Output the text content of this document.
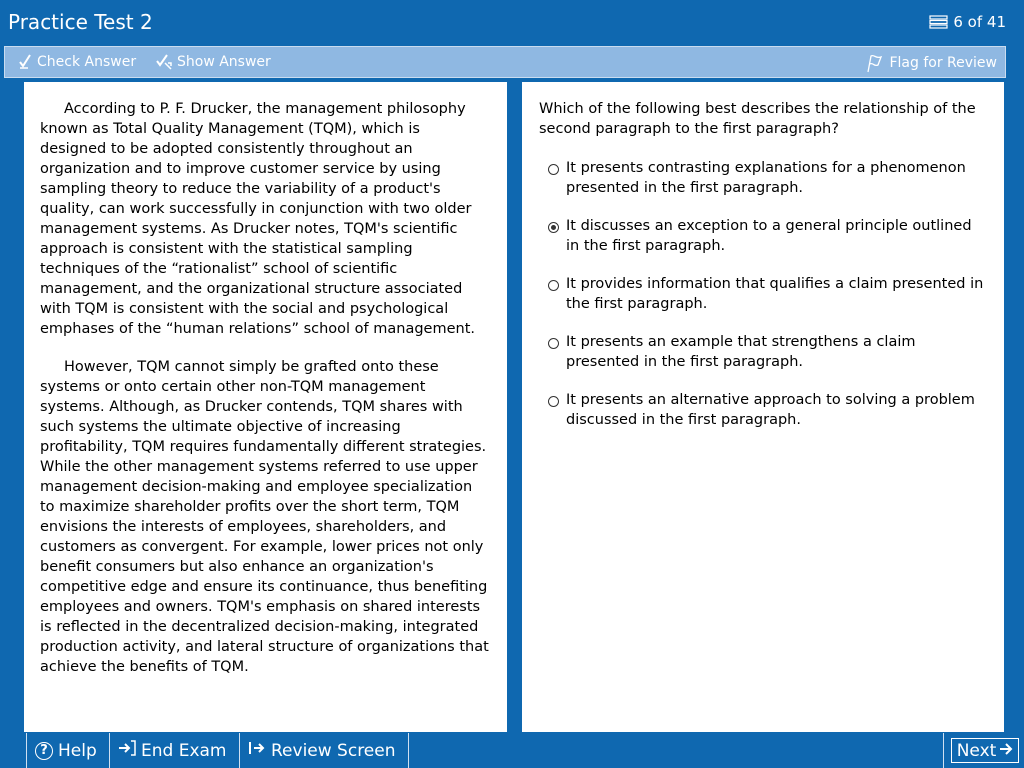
Practice Test 2	6 of 41
Check Answer	Show Answer	Flag for Review

According to P. F. Drucker, the management philosophy known as Total Quality Management (TQM), which is designed to be adopted consistently throughout an organization and to improve customer service by using sampling theory to reduce the variability of a product's quality, can work successfully in conjunction with two older management systems. As Drucker notes, TQM's scientific approach is consistent with the statistical sampling techniques of the “rationalist” school of scientific management, and the organizational structure associated with TQM is consistent with the social and psychological emphases of the “human relations” school of management.

However, TQM cannot simply be grafted onto these systems or onto certain other non-TQM management systems. Although, as Drucker contends, TQM shares with such systems the ultimate objective of increasing profitability, TQM requires fundamentally different strategies. While the other management systems referred to use upper management decision-making and employee specialization to maximize shareholder profits over the short term, TQM envisions the interests of employees, shareholders, and customers as convergent. For example, lower prices not only benefit consumers but also enhance an organization's competitive edge and ensure its continuance, thus benefiting employees and owners. TQM's emphasis on shared interests is reflected in the decentralized decision-making, integrated production activity, and lateral structure of organizations that achieve the benefits of TQM.

Which of the following best describes the relationship of the second paragraph to the first paragraph?
It presents contrasting explanations for a phenomenon presented in the first paragraph.
It discusses an exception to a general principle outlined in the first paragraph.
It provides information that qualifies a claim presented in the first paragraph.
It presents an example that strengthens a claim presented in the first paragraph.
It presents an alternative approach to solving a problem discussed in the first paragraph.
? Help	End Exam	Review Screen	Next
